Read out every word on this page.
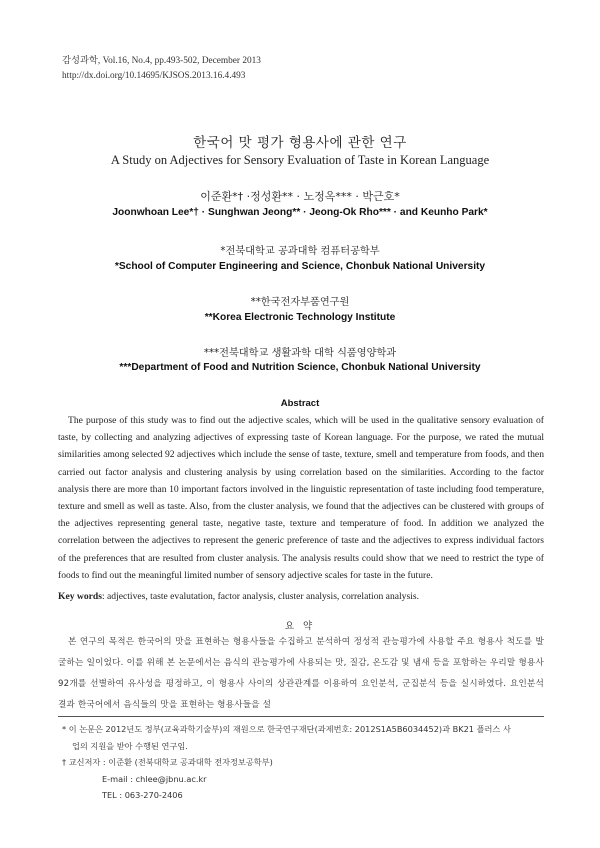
감성과학, Vol.16, No.4, pp.493-502, December 2013
http://dx.doi.org/10.14695/KJSOS.2013.16.4.493
한국어 맛 평가 형용사에 관한 연구
A Study on Adjectives for Sensory Evaluation of Taste in Korean Language
이준환*† ·정성환** · 노정옥*** · 박근호*
Joonwhoan Lee*† · Sunghwan Jeong** · Jeong-Ok Rho*** · and Keunho Park*
*전북대학교 공과대학 컴퓨터공학부
*School of Computer Engineering and Science, Chonbuk National University
**한국전자부품연구원
**Korea Electronic Technology Institute
***전북대학교 생활과학 대학 식품영양학과
***Department of Food and Nutrition Science, Chonbuk National University
Abstract
The purpose of this study was to find out the adjective scales, which will be used in the qualitative sensory evaluation of taste, by collecting and analyzing adjectives of expressing taste of Korean language. For the purpose, we rated the mutual similarities among selected 92 adjectives which include the sense of taste, texture, smell and temperature from foods, and then carried out factor analysis and clustering analysis by using correlation based on the similarities. According to the factor analysis there are more than 10 important factors involved in the linguistic representation of taste including food temperature, texture and smell as well as taste. Also, from the cluster analysis, we found that the adjectives can be clustered with groups of the adjectives representing general taste, negative taste, texture and temperature of food. In addition we analyzed the correlation between the adjectives to represent the generic preference of taste and the adjectives to express individual factors of the preferences that are resulted from cluster analysis. The analysis results could show that we need to restrict the type of foods to find out the meaningful limited number of sensory adjective scales for taste in the future.
Key words: adjectives, taste evalutation, factor analysis, cluster analysis, correlation analysis.
요 약
본 연구의 목적은 한국어의 맛을 표현하는 형용사들을 수집하고 분석하여 정성적 관능평가에 사용할 주요 형용사 척도를 발굴하는 일이었다. 이를 위해 본 논문에서는 음식의 관능평가에 사용되는 맛, 질감, 온도감 및 냄새 등을 포함하는 우리말 형용사 92개를 선별하여 유사성을 평정하고, 이 형용사 사이의 상관관계를 이용하여 요인분석, 군집분석 등을 실시하였다. 요인분석 결과 한국어에서 음식들의 맛을 표현하는 형용사들을 설
* 이 논문은 2012년도 정부(교육과학기술부)의 재원으로 한국연구재단(과제번호: 2012S1A5B6034452)과 BK21 플러스 사
업의 지원을 받아 수행된 연구임.
† 교신저자 : 이준환 (전북대학교 공과대학 전자정보공학부)
E-mail : chlee@jbnu.ac.kr
TEL : 063-270-2406
